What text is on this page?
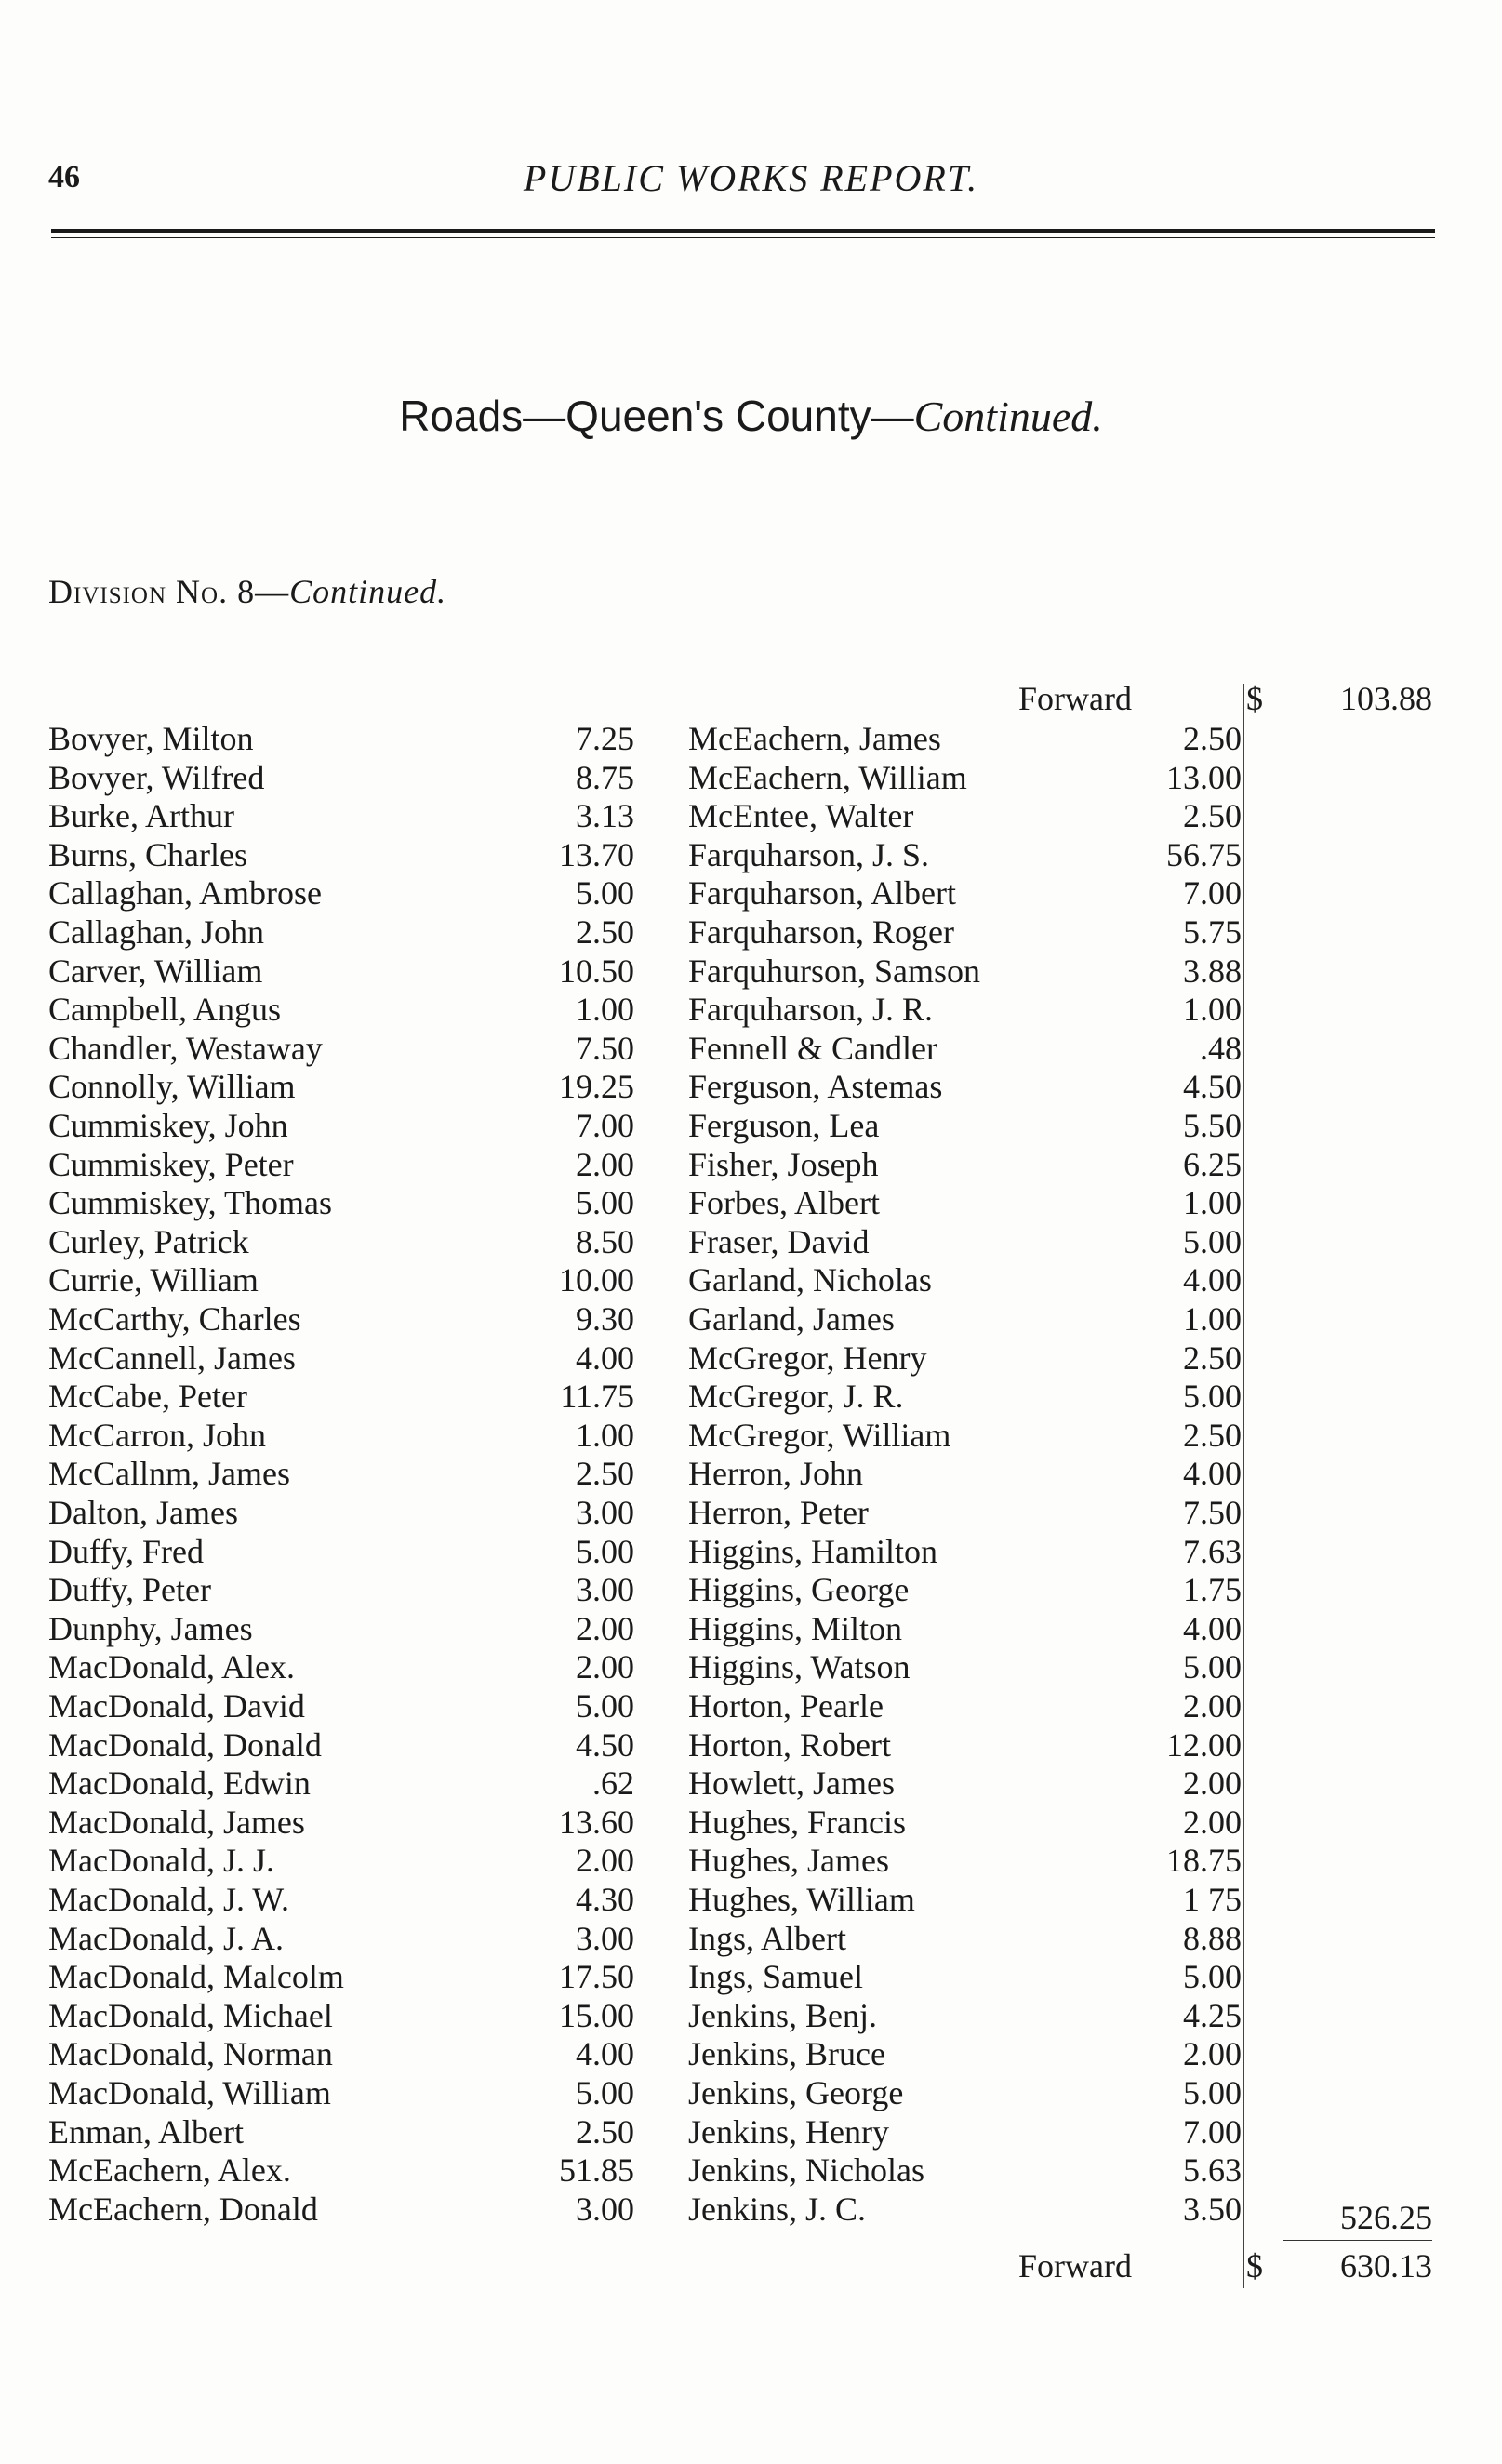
46	PUBLIC WORKS REPORT.
Roads—Queen's County—Continued.
Division No. 8—Continued.
Forward	$	103.88
Bovyer, Milton	7.25
Bovyer, Wilfred	8.75
Burke, Arthur	3.13
Burns, Charles	13.70
Callaghan, Ambrose	5.00
Callaghan, John	2.50
Carver, William	10.50
Campbell, Angus	1.00
Chandler, Westaway	7.50
Connolly, William	19.25
Cummiskey, John	7.00
Cummiskey, Peter	2.00
Cummiskey, Thomas	5.00
Curley, Patrick	8.50
Currie, William	10.00
McCarthy, Charles	9.30
McCannell, James	4.00
McCabe, Peter	11.75
McCarron, John	1.00
McCallnm, James	2.50
Dalton, James	3.00
Duffy, Fred	5.00
Duffy, Peter	3.00
Dunphy, James	2.00
MacDonald, Alex.	2.00
MacDonald, David	5.00
MacDonald, Donald	4.50
MacDonald, Edwin	.62
MacDonald, James	13.60
MacDonald, J. J.	2.00
MacDonald, J. W.	4.30
MacDonald, J. A.	3.00
MacDonald, Malcolm	17.50
MacDonald, Michael	15.00
MacDonald, Norman	4.00
MacDonald, William	5.00
Enman, Albert	2.50
McEachern, Alex.	51.85
McEachern, Donald	3.00
McEachern, James	2.50
McEachern, William	13.00
McEntee, Walter	2.50
Farquharson, J. S.	56.75
Farquharson, Albert	7.00
Farquharson, Roger	5.75
Farquhurson, Samson	3.88
Farquharson, J. R.	1.00
Fennell & Candler	.48
Ferguson, Astemas	4.50
Ferguson, Lea	5.50
Fisher, Joseph	6.25
Forbes, Albert	1.00
Fraser, David	5.00
Garland, Nicholas	4.00
Garland, James	1.00
McGregor, Henry	2.50
McGregor, J. R.	5.00
McGregor, William	2.50
Herron, John	4.00
Herron, Peter	7.50
Higgins, Hamilton	7.63
Higgins, George	1.75
Higgins, Milton	4.00
Higgins, Watson	5.00
Horton, Pearle	2.00
Horton, Robert	12.00
Howlett, James	2.00
Hughes, Francis	2.00
Hughes, James	18.75
Hughes, William	1 75
Ings, Albert	8.88
Ings, Samuel	5.00
Jenkins, Benj.	4.25
Jenkins, Bruce	2.00
Jenkins, George	5.00
Jenkins, Henry	7.00
Jenkins, Nicholas	5.63
Jenkins, J. C.	3.50	526.25
Forward	$	630.13
